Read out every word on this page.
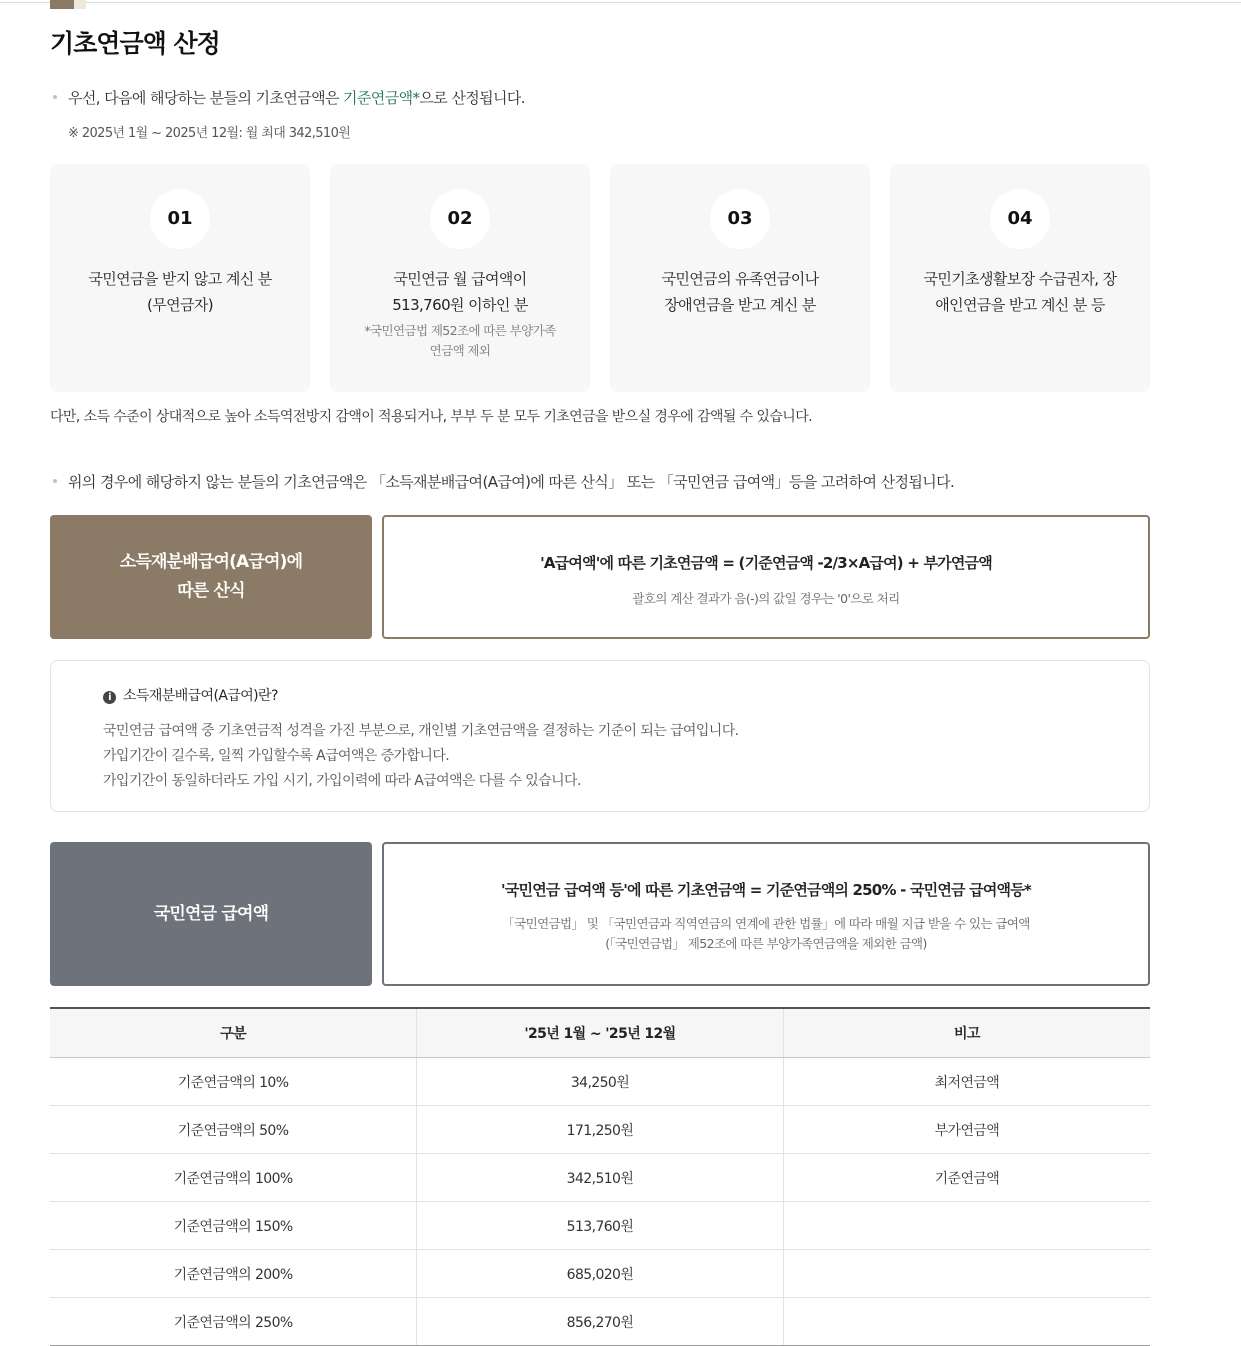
기초연금액 산정
우선, 다음에 해당하는 분들의 기초연금액은 기준연금액*으로 산정됩니다.
※ 2025년 1월 ~ 2025년 12월: 월 최대 342,510원
01
국민연금을 받지 않고 계신 분
(무연금자)
02
국민연금 월 급여액이
513,760원 이하인 분
*국민연금법 제52조에 따른 부양가족
연금액 제외
03
국민연금의 유족연금이나
장애연금을 받고 계신 분
04
국민기초생활보장 수급권자, 장
애인연금을 받고 계신 분 등
다만, 소득 수준이 상대적으로 높아 소득역전방지 감액이 적용되거나, 부부 두 분 모두 기초연금을 받으실 경우에 감액될 수 있습니다.
위의 경우에 해당하지 않는 분들의 기초연금액은 「소득재분배급여(A급여)에 따른 산식」 또는 「국민연금 급여액」등을 고려하여 산정됩니다.
소득재분배급여(A급여)에
따른 산식
'A급여액'에 따른 기초연금액 = (기준연금액 -2/3×A급여) + 부가연금액
괄호의 계산 결과가 음(-)의 값일 경우는 '0'으로 처리
i 소득재분배급여(A급여)란?
국민연금 급여액 중 기초연금적 성격을 가진 부분으로, 개인별 기초연금액을 결정하는 기준이 되는 급여입니다.
가입기간이 길수록, 일찍 가입할수록 A급여액은 증가합니다.
가입기간이 동일하더라도 가입 시기, 가입이력에 따라 A급여액은 다를 수 있습니다.
국민연금 급여액
'국민연금 급여액 등'에 따른 기초연금액 = 기준연금액의 250% - 국민연금 급여액등*
「국민연금법」 및 「국민연금과 직역연금의 연계에 관한 법률」에 따라 매월 지급 받을 수 있는 급여액
(「국민연금법」 제52조에 따른 부양가족연금액을 제외한 금액)
구분	'25년 1월 ~ '25년 12월	비고
기준연금액의 10%	34,250원	최저연금액
기준연금액의 50%	171,250원	부가연금액
기준연금액의 100%	342,510원	기준연금액
기준연금액의 150%	513,760원	
기준연금액의 200%	685,020원	
기준연금액의 250%	856,270원	
